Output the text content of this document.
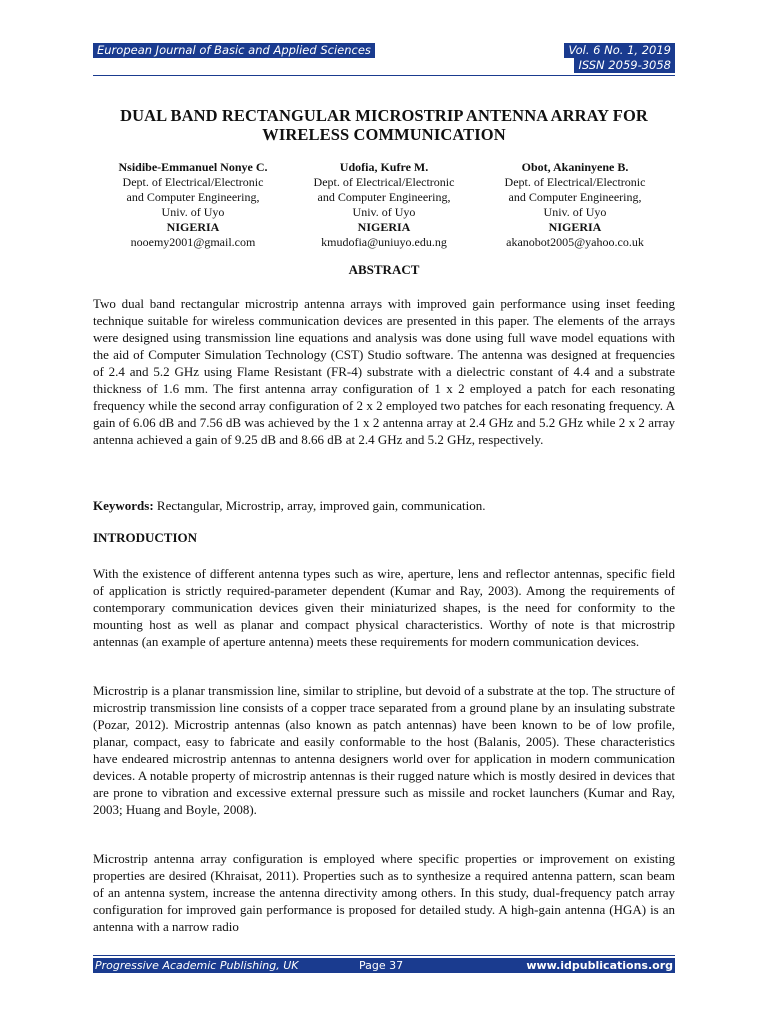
European Journal of Basic and Applied Sciences	Vol. 6 No. 1, 2019
ISSN 2059-3058
DUAL BAND RECTANGULAR MICROSTRIP ANTENNA ARRAY FOR
WIRELESS COMMUNICATION
Nsidibe-Emmanuel Nonye C.
Dept. of Electrical/Electronic
and Computer Engineering,
Univ. of Uyo
NIGERIA
nooemy2001@gmail.com
Udofia, Kufre M.
Dept. of Electrical/Electronic
and Computer Engineering,
Univ. of Uyo
NIGERIA
kmudofia@uniuyo.edu.ng
Obot, Akaninyene B.
Dept. of Electrical/Electronic
and Computer Engineering,
Univ. of Uyo
NIGERIA
akanobot2005@yahoo.co.uk
ABSTRACT

Two dual band rectangular microstrip antenna arrays with improved gain performance using inset feeding technique suitable for wireless communication devices are presented in this paper. The elements of the arrays were designed using transmission line equations and analysis was done using full wave model equations with the aid of Computer Simulation Technology (CST) Studio software. The antenna was designed at frequencies of 2.4 and 5.2 GHz using Flame Resistant (FR-4) substrate with a dielectric constant of 4.4 and a substrate thickness of 1.6 mm. The first antenna array configuration of 1 x 2 employed a patch for each resonating frequency while the second array configuration of 2 x 2 employed two patches for each resonating frequency. A gain of 6.06 dB and 7.56 dB was achieved by the 1 x 2 antenna array at 2.4 GHz and 5.2 GHz while 2 x 2 array antenna achieved a gain of 9.25 dB and 8.66 dB at 2.4 GHz and 5.2 GHz, respectively.

Keywords: Rectangular, Microstrip, array, improved gain, communication.

INTRODUCTION

With the existence of different antenna types such as wire, aperture, lens and reflector antennas, specific field of application is strictly required-parameter dependent (Kumar and Ray, 2003). Among the requirements of contemporary communication devices given their miniaturized shapes, is the need for conformity to the mounting host as well as planar and compact physical characteristics. Worthy of note is that microstrip antennas (an example of aperture antenna) meets these requirements for modern communication devices.

Microstrip is a planar transmission line, similar to stripline, but devoid of a substrate at the top. The structure of microstrip transmission line consists of a copper trace separated from a ground plane by an insulating substrate (Pozar, 2012). Microstrip antennas (also known as patch antennas) have been known to be of low profile, planar, compact, easy to fabricate and easily conformable to the host (Balanis, 2005). These characteristics have endeared microstrip antennas to antenna designers world over for application in modern communication devices. A notable property of microstrip antennas is their rugged nature which is mostly desired in devices that are prone to vibration and excessive external pressure such as missile and rocket launchers (Kumar and Ray, 2003; Huang and Boyle, 2008).

Microstrip antenna array configuration is employed where specific properties or improvement on existing properties are desired (Khraisat, 2011). Properties such as to synthesize a required antenna pattern, scan beam of an antenna system, increase the antenna directivity among others. In this study, dual-frequency patch array configuration for improved gain performance is proposed for detailed study. A high-gain antenna (HGA) is an antenna with a narrow radio

Progressive Academic Publishing, UK	Page 37	www.idpublications.org
